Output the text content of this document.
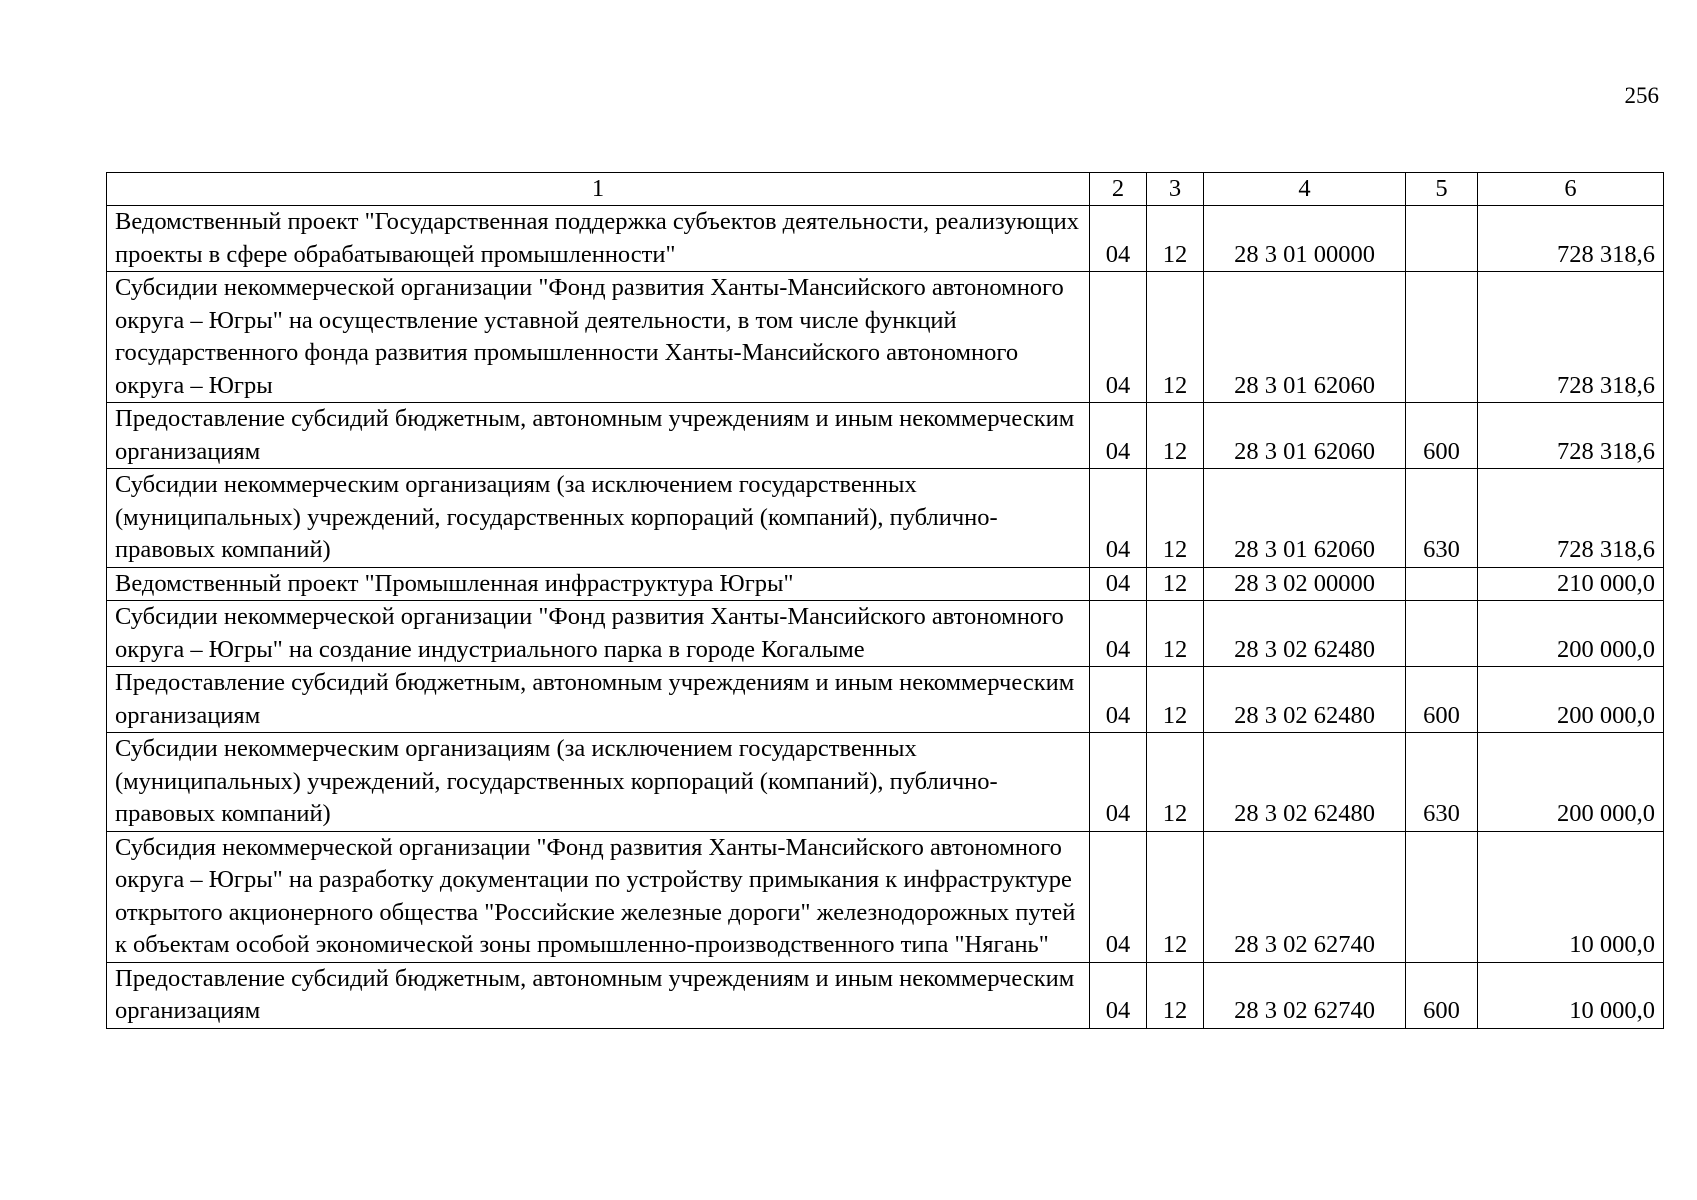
256
1	2	3	4	5	6
Ведомственный проект "Государственная поддержка субъектов деятельности, реализующих проекты в сфере обрабатывающей промышленности"	04	12	28 3 01 00000		728 318,6
Субсидии некоммерческой организации "Фонд развития Ханты-Мансийского автономного округа – Югры" на осуществление уставной деятельности, в том числе функций государственного фонда развития промышленности Ханты-Мансийского автономного округа – Югры	04	12	28 3 01 62060		728 318,6
Предоставление субсидий бюджетным, автономным учреждениям и иным некоммерческим организациям	04	12	28 3 01 62060	600	728 318,6
Субсидии некоммерческим организациям (за исключением государственных (муниципальных) учреждений, государственных корпораций (компаний), публично-правовых компаний)	04	12	28 3 01 62060	630	728 318,6
Ведомственный проект "Промышленная инфраструктура Югры"	04	12	28 3 02 00000		210 000,0
Субсидии некоммерческой организации "Фонд развития Ханты-Мансийского автономного округа – Югры" на создание индустриального парка в городе Когалыме	04	12	28 3 02 62480		200 000,0
Предоставление субсидий бюджетным, автономным учреждениям и иным некоммерческим организациям	04	12	28 3 02 62480	600	200 000,0
Субсидии некоммерческим организациям (за исключением государственных (муниципальных) учреждений, государственных корпораций (компаний), публично-правовых компаний)	04	12	28 3 02 62480	630	200 000,0
Субсидия некоммерческой организации "Фонд развития Ханты-Мансийского автономного округа – Югры" на разработку документации по устройству примыкания к инфраструктуре открытого акционерного общества "Российские железные дороги" железнодорожных путей к объектам особой экономической зоны промышленно-производственного типа "Нягань"	04	12	28 3 02 62740		10 000,0
Предоставление субсидий бюджетным, автономным учреждениям и иным некоммерческим организациям	04	12	28 3 02 62740	600	10 000,0
